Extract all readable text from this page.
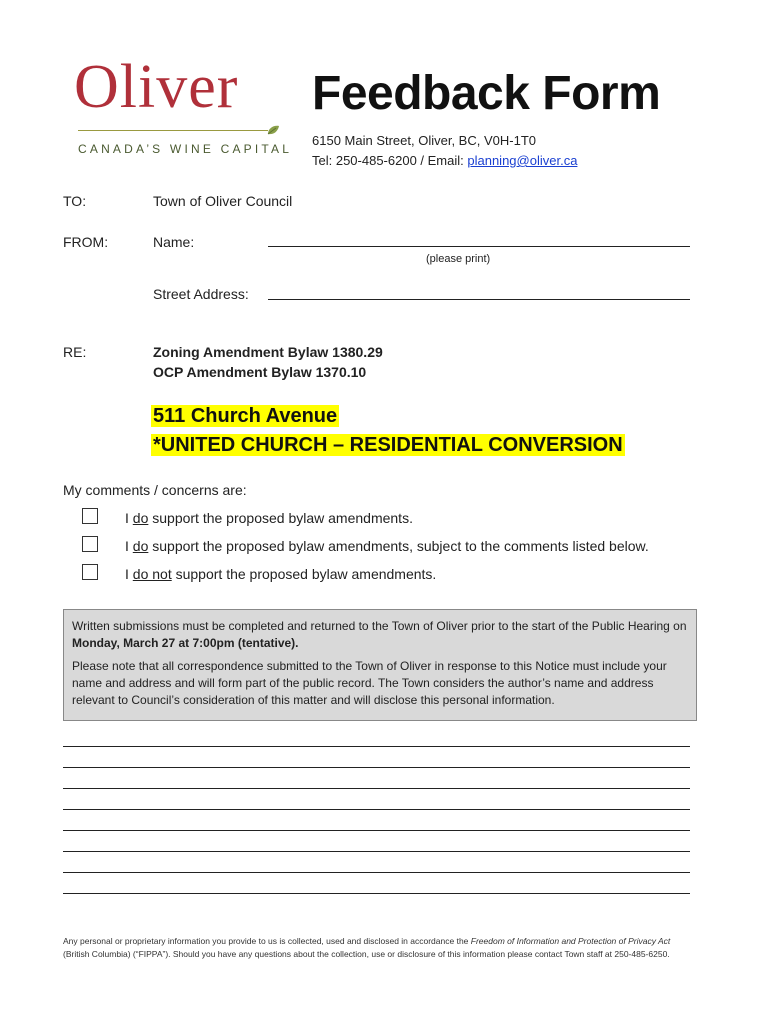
Oliver
CANADA’S WINE CAPITAL
Feedback Form
6150 Main Street, Oliver, BC, V0H-1T0
Tel: 250-485-6200 / Email: planning@oliver.ca
TO:	Town of Oliver Council
FROM:	Name:
(please print)
Street Address:
RE:	Zoning Amendment Bylaw 1380.29
OCP Amendment Bylaw 1370.10
511 Church Avenue
*UNITED CHURCH – RESIDENTIAL CONVERSION
My comments / concerns are:
I do support the proposed bylaw amendments.
I do support the proposed bylaw amendments, subject to the comments listed below.
I do not support the proposed bylaw amendments.

Written submissions must be completed and returned to the Town of Oliver prior to the start of the Public Hearing on Monday, March 27 at 7:00pm (tentative).

Please note that all correspondence submitted to the Town of Oliver in response to this Notice must include your name and address and will form part of the public record. The Town considers the author’s name and address relevant to Council’s consideration of this matter and will disclose this personal information.

Any personal or proprietary information you provide to us is collected, used and disclosed in accordance the Freedom of Information and Protection of Privacy Act (British Columbia) (“FIPPA”). Should you have any questions about the collection, use or disclosure of this information please contact Town staff at 250-485-6250.
